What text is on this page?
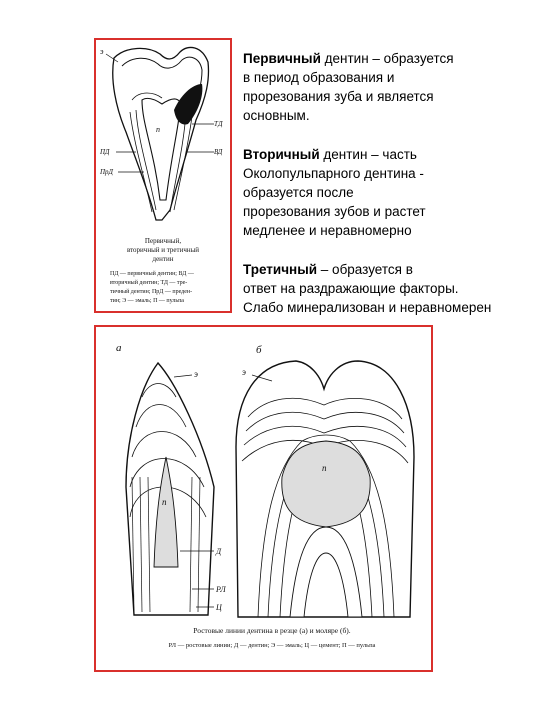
э
п
ТД
ПД	ВД
ПрД
Первичный,
вторичный и третичный
дентин
ПД — первичный дентин; ВД —
вторичный дентин; ТД — тре-
тичный дентин; ПрД — преден-
тин; Э — эмаль; П — пульпа
Первичный дентин – образуется
в период образования и
прорезования зуба и является
основным.
Вторичный дентин – часть
Околопульпарного дентина -
образуется после
прорезования зубов и растет
медленее и неравномерно
Третичный – образуется в
ответ на раздражающие факторы.
Слабо минерализован и неравномерен
а
э
п
Д
РЛ
Ц
б
э
п
Ростовые линии дентина в резце (а) и моляре (б).
РЛ — ростовые линии; Д — дентин; Э — эмаль; Ц — цемент; П — пульпа
